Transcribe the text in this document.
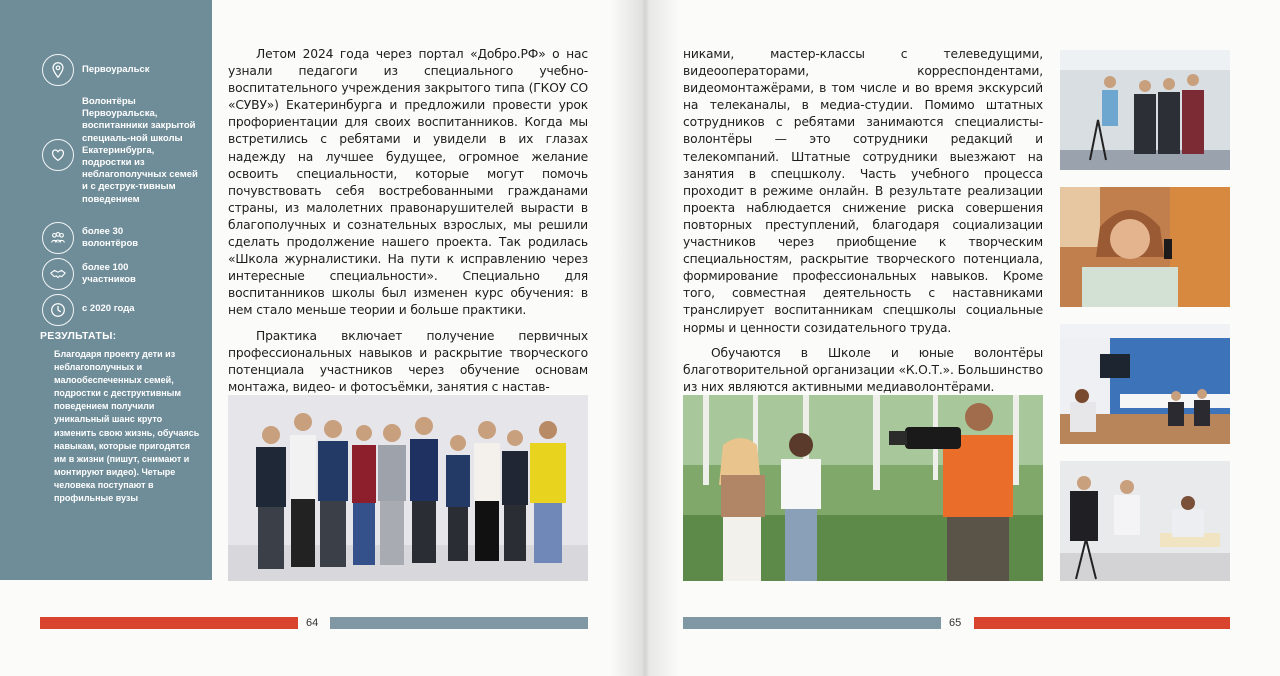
Первоуральск
Волонтёры Первоуральска, воспитанники закрытой специаль-ной школы Екатеринбурга, подростки из неблагополучных семей и с деструк-тивным поведением
более 30 волонтёров
более 100 участников
с 2020 года
РЕЗУЛЬТАТЫ:
Благодаря проекту дети из неблагополучных и малообеспеченных семей, подростки с деструктивным поведением получили уникальный шанс круто изменить свою жизнь, обучаясь навыкам, которые пригодятся им в жизни (пишут, снимают и монтируют видео). Четыре человека поступают в профильные вузы

Летом 2024 года через портал «Добро.РФ» о нас узнали педагоги из специального учебно-воспитательного учреждения закрытого типа (ГКОУ СО «СУВУ») Екатеринбурга и предложили провести урок профориентации для своих воспитанников. Когда мы встретились с ребятами и увидели в их глазах надежду на лучшее будущее, огромное желание освоить специальности, которые могут помочь почувствовать себя востребованными гражданами страны, из малолетних правонарушителей вырасти в благополучных и сознательных взрослых, мы решили сделать продолжение нашего проекта. Так родилась «Школа журналистики. На пути к исправлению через интересные специальности». Специально для воспитанников школы был изменен курс обучения: в нем стало меньше теории и больше практики.

Практика включает получение первичных профессиональных навыков и раскрытие творческого потенциала участников через обучение основам монтажа, видео- и фотосъёмки, занятия с настав-

64

никами, мастер-классы с телеведущими, видеооператорами, корреспондентами, видеомонтажёрами, в том числе и во время экскурсий на телеканалы, в медиа-студии. Помимо штатных сотрудников с ребятами занимаются специалисты-волонтёры — это сотрудники редакций и телекомпаний. Штатные сотрудники выезжают на занятия в спецшколу. Часть учебного процесса проходит в режиме онлайн. В результате реализации проекта наблюдается снижение риска совершения повторных преступлений, благодаря социализации участников через приобщение к творческим специальностям, раскрытие творческого потенциала, формирование профессиональных навыков. Кроме того, совместная деятельность с наставниками транслирует воспитанникам спецшколы социальные нормы и ценности созидательного труда.

Обучаются в Школе и юные волонтёры благотворительной организации «К.О.Т.». Большинство из них являются активными медиаволонтёрами.

65
